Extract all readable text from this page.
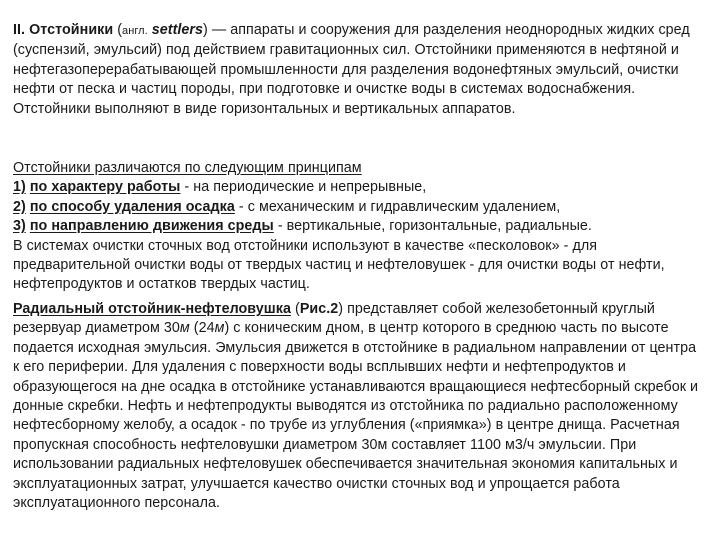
II. Отстойники (англ. settlers) — аппараты и сооружения для разделения неоднородных жидких сред (суспензий, эмульсий) под действием гравитационных сил. Отстойники применяются в нефтяной и нефтегазоперерабатывающей промышленности для разделения водонефтяных эмульсий, очистки нефти от песка и частиц породы, при подготовке и очистке воды в системах водоснабжения. Отстойники выполняют в виде горизонтальных и вертикальных аппаратов.

Отстойники различаются по следующим принципам

1) по характеру работы - на периодические и непрерывные,

2) по способу удаления осадка - с механическим и гидравлическим удалением,

3) по направлению движения среды - вертикальные, горизонтальные, радиальные.

В системах очистки сточных вод отстойники используют в качестве «песколовок» - для предварительной очистки воды от твердых частиц и нефтеловушек - для очистки воды от нефти, нефтепродуктов и остатков твердых частиц.

Радиальный отстойник-нефтеловушка (Рис.2) представляет собой железобетонный круглый резервуар диаметром 30м (24м) с коническим дном, в центр которого в среднюю часть по высоте подается исходная эмульсия. Эмульсия движется в отстойнике в радиальном направлении от центра к его периферии. Для удаления с поверхности воды всплывших нефти и нефтепродуктов и образующегося на дне осадка в отстойнике устанавливаются вращающиеся нефтесборный скребок и донные скребки. Нефть и нефтепродукты выводятся из отстойника по радиально расположенному нефтесборному желобу, а осадок - по трубе из углубления («приямка») в центре днища. Расчетная пропускная способность нефтеловушки диаметром 30м составляет 1100 м3/ч эмульсии. При использовании радиальных нефтеловушек обеспечивается значительная экономия капитальных и эксплуатационных затрат, улучшается качество очистки сточных вод и упрощается работа эксплуатационного персонала.
